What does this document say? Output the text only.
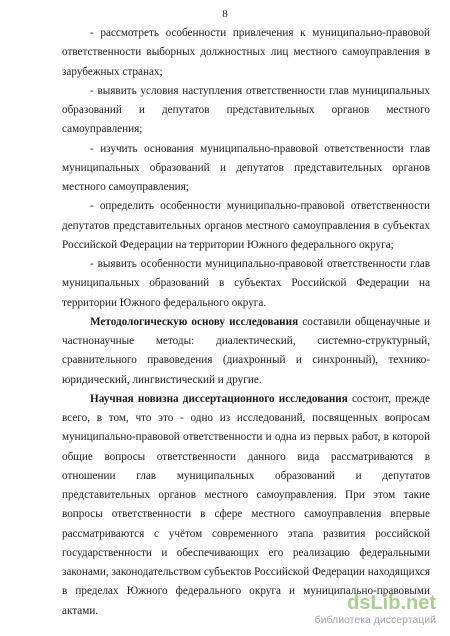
8

- рассмотреть особенности привлечения к муниципально-правовой ответственности выборных должностных лиц местного самоуправления в зарубежных странах;

- выявить условия наступления ответственности глав муниципальных образований и депутатов представительных органов местного самоуправления;

- изучить основания муниципально-правовой ответственности глав муниципальных образований и депутатов представительных органов местного самоуправления;

- определить особенности муниципально-правовой ответственности депутатов представительных органов местного самоуправления в субъектах Российской Федерации на территории Южного федерального округа;

- выявить особенности муниципально-правовой ответственности глав муниципальных образований в субъектах Российской Федерации на территории Южного федерального округа.

Методологическую основу исследования составили общенаучные и частнонаучные методы: диалектический, системно-структурный, сравнительного правоведения (диахронный и синхронный), технико-юридический, лингвистический и другие.

Научная новизна диссертационного исследования состоит, прежде всего, в том, что это - одно из исследований, посвященных вопросам муниципально-правовой ответственности и одна из первых работ, в которой общие вопросы ответственности данного вида рассматриваются в отношении глав муниципальных образований и депутатов представительных органов местного самоуправления. При этом такие вопросы ответственности в сфере местного самоуправления впервые рассматриваются с учётом современного этапа развития российской государственности и обеспечивающих его реализацию федеральными законами, законодательством субъектов Российской Федерации находящихся в пределах Южного федерального округа и муниципально-правовыми актами.	dsLib.net
библиотека диссертаций
